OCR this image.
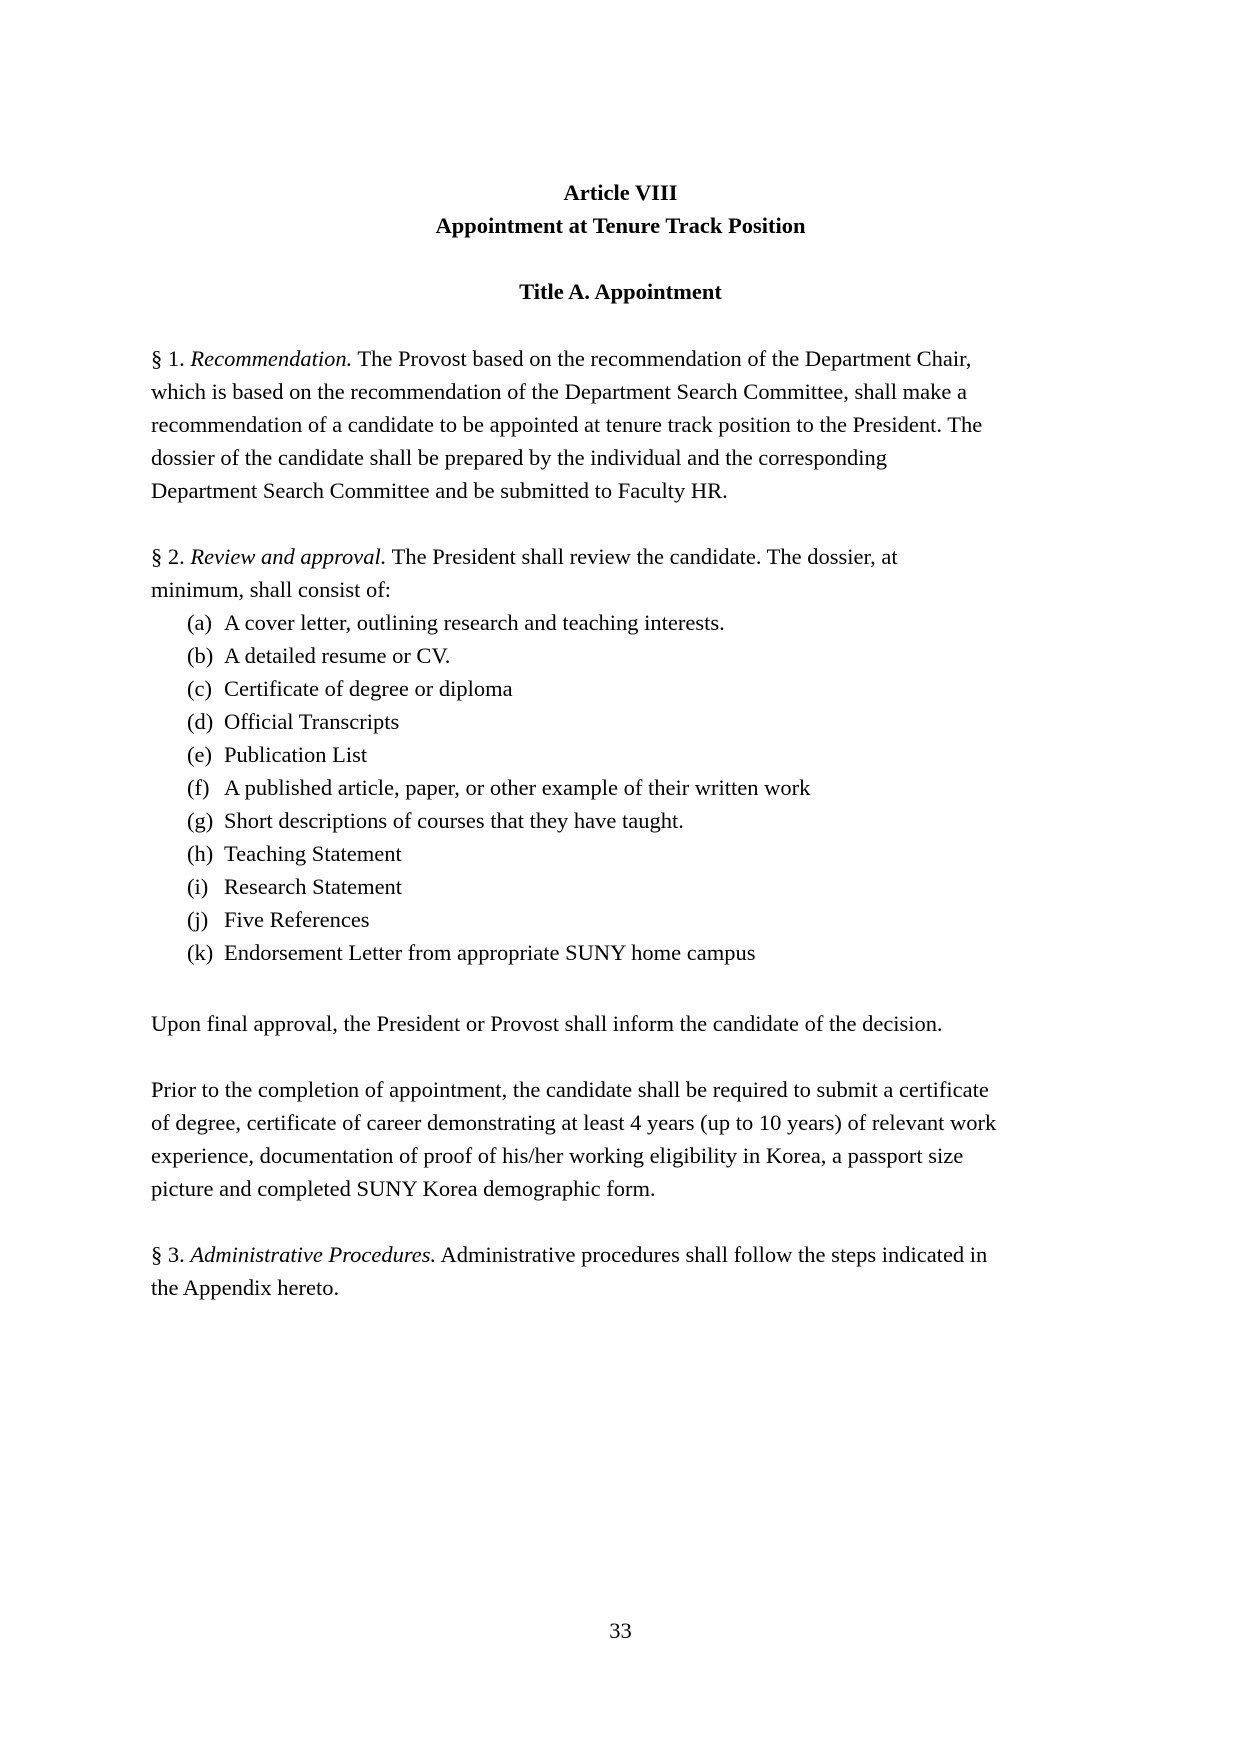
Article VIII
Appointment at Tenure Track Position
Title A. Appointment
§ 1. Recommendation. The Provost based on the recommendation of the Department Chair,
which is based on the recommendation of the Department Search Committee, shall make a
recommendation of a candidate to be appointed at tenure track position to the President. The
dossier of the candidate shall be prepared by the individual and the corresponding
Department Search Committee and be submitted to Faculty HR.
§ 2. Review and approval. The President shall review the candidate. The dossier, at
minimum, shall consist of:
(a) A cover letter, outlining research and teaching interests.
(b) A detailed resume or CV.
(c) Certificate of degree or diploma
(d) Official Transcripts
(e) Publication List
(f) A published article, paper, or other example of their written work
(g) Short descriptions of courses that they have taught.
(h) Teaching Statement
(i) Research Statement
(j) Five References
(k) Endorsement Letter from appropriate SUNY home campus
Upon final approval, the President or Provost shall inform the candidate of the decision.
Prior to the completion of appointment, the candidate shall be required to submit a certificate
of degree, certificate of career demonstrating at least 4 years (up to 10 years) of relevant work
experience, documentation of proof of his/her working eligibility in Korea, a passport size
picture and completed SUNY Korea demographic form.
§ 3. Administrative Procedures. Administrative procedures shall follow the steps indicated in
the Appendix hereto.
33
